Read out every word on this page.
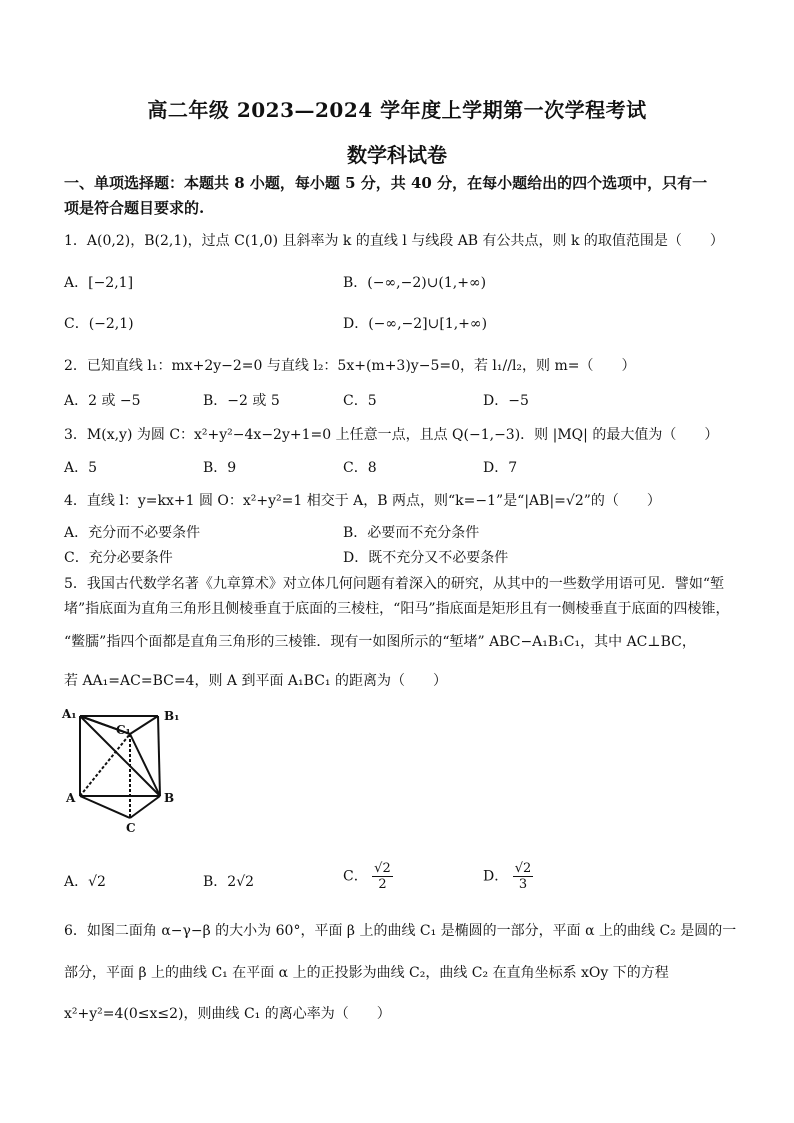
高二年级 2023—2024 学年度上学期第一次学程考试
数学科试卷
一、单项选择题：本题共 8 小题，每小题 5 分，共 40 分，在每小题给出的四个选项中，只有一
项是符合题目要求的.
1．A(0,2)，B(2,1)，过点 C(1,0) 且斜率为 k 的直线 l 与线段 AB 有公共点，则 k 的取值范围是（　　）
A．[−2,1]	B．(−∞,−2)∪(1,+∞)
C．(−2,1)	D．(−∞,−2]∪[1,+∞)
2．已知直线 l₁：mx+2y−2=0 与直线 l₂：5x+(m+3)y−5=0，若 l₁//l₂，则 m=（　　）
A．2 或 −5	B．−2 或 5	C．5	D．−5
3．M(x,y) 为圆 C：x²+y²−4x−2y+1=0 上任意一点，且点 Q(−1,−3)．则 |MQ| 的最大值为（　　）
A．5	B．9	C．8	D．7
4．直线 l：y=kx+1 圆 O：x²+y²=1 相交于 A，B 两点，则“k=−1”是“|AB|=√2”的（　　）
A．充分而不必要条件	B．必要而不充分条件
C．充分必要条件	D．既不充分又不必要条件
5．我国古代数学名著《九章算术》对立体几何问题有着深入的研究，从其中的一些数学用语可见．譬如“堑
堵”指底面为直角三角形且侧棱垂直于底面的三棱柱，“阳马”指底面是矩形且有一侧棱垂直于底面的四棱锥，
“鳖臑”指四个面都是直角三角形的三棱锥．现有一如图所示的“堑堵” ABC−A₁B₁C₁，其中 AC⊥BC，
若 AA₁=AC=BC=4，则 A 到平面 A₁BC₁ 的距离为（　　）
A₁	B₁
C₁
A	B
C
A．√2	B．2√2	C． $\frac{√2}{2}$	D． $\frac{√2}{3}$
6．如图二面角 α−γ−β 的大小为 60°，平面 β 上的曲线 C₁ 是椭圆的一部分，平面 α 上的曲线 C₂ 是圆的一
部分，平面 β 上的曲线 C₁ 在平面 α 上的正投影为曲线 C₂，曲线 C₂ 在直角坐标系 xOy 下的方程
x²+y²=4(0≤x≤2)，则曲线 C₁ 的离心率为（　　）
